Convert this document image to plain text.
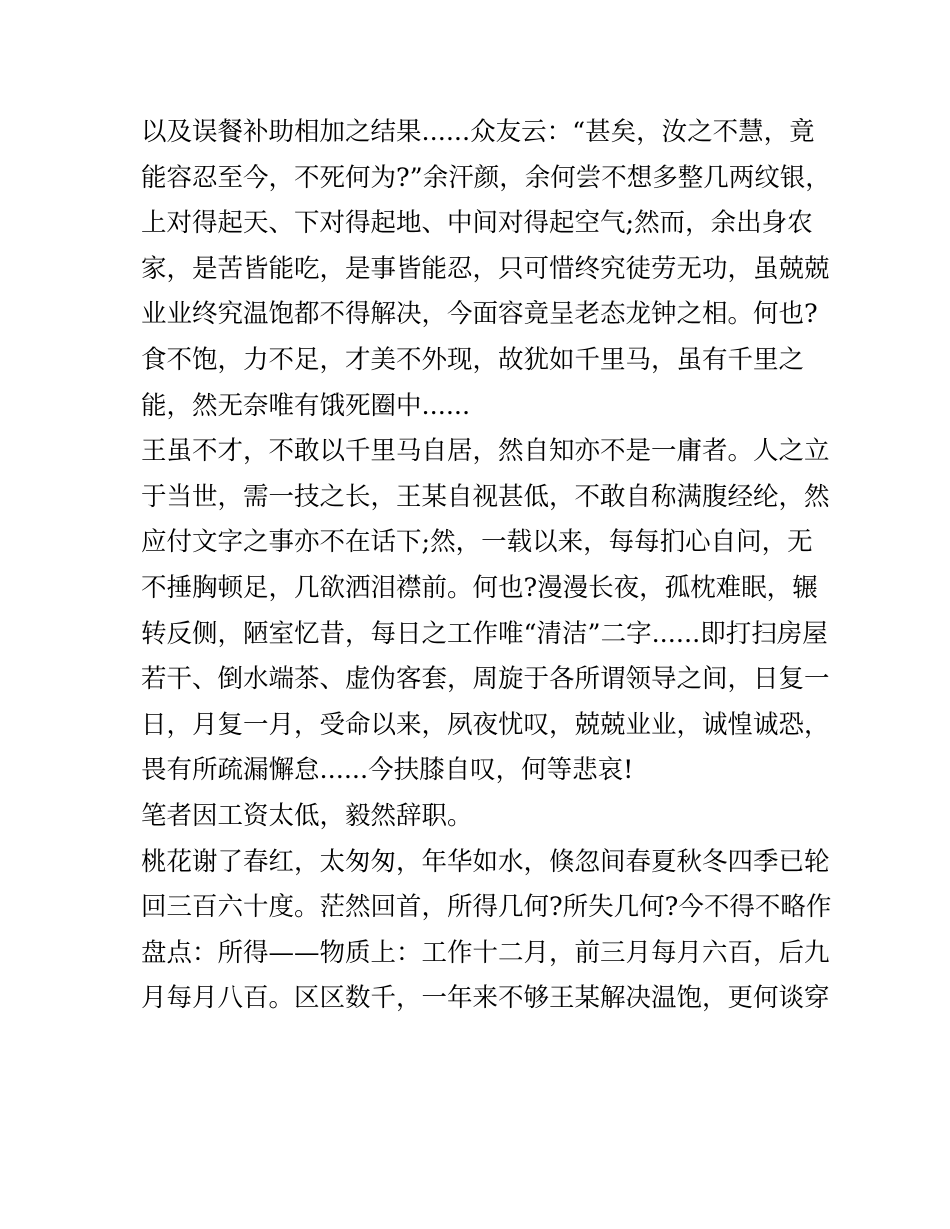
以及误餐补助相加之结果......众友云：“甚矣，汝之不慧，竟
能容忍至今，不死何为?”余汗颜，余何尝不想多整几两纹银，
上对得起天、下对得起地、中间对得起空气;然而，余出身农
家，是苦皆能吃，是事皆能忍，只可惜终究徒劳无功，虽兢兢
业业终究温饱都不得解决，今面容竟呈老态龙钟之相。何也?
食不饱，力不足，才美不外现，故犹如千里马，虽有千里之
能，然无奈唯有饿死圈中......
王虽不才，不敢以千里马自居，然自知亦不是一庸者。人之立
于当世，需一技之长，王某自视甚低，不敢自称满腹经纶，然
应付文字之事亦不在话下;然，一载以来，每每扪心自问，无
不捶胸顿足，几欲洒泪襟前。何也?漫漫长夜，孤枕难眠，辗
转反侧，陋室忆昔，每日之工作唯“清洁”二字......即打扫房屋
若干、倒水端茶、虚伪客套，周旋于各所谓领导之间，日复一
日，月复一月，受命以来，夙夜忧叹，兢兢业业，诚惶诚恐，
畏有所疏漏懈怠......今扶膝自叹，何等悲哀!
笔者因工资太低，毅然辞职。
桃花谢了春红，太匆匆，年华如水，倏忽间春夏秋冬四季已轮
回三百六十度。茫然回首，所得几何?所失几何?今不得不略作
盘点：所得——物质上：工作十二月，前三月每月六百，后九
月每月八百。区区数千，一年来不够王某解决温饱，更何谈穿
